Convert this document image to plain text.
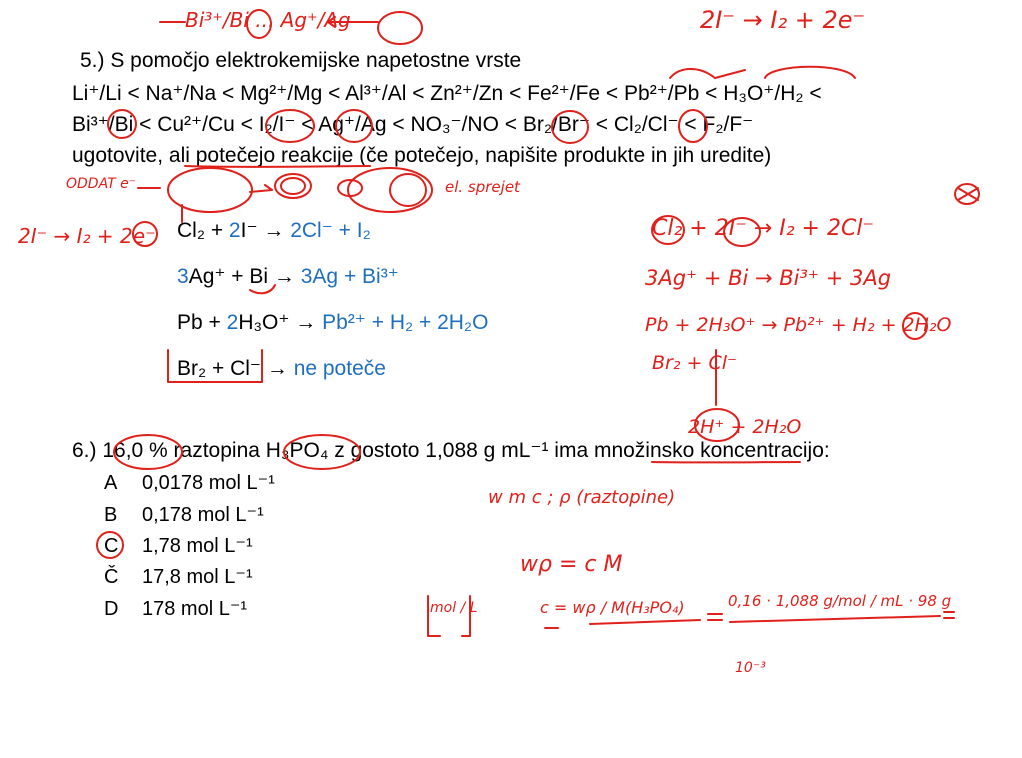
5.) S pomočjo elektrokemijske napetostne vrste
Li⁺/Li < Na⁺/Na < Mg²⁺/Mg < Al³⁺/Al < Zn²⁺/Zn < Fe²⁺/Fe < Pb²⁺/Pb < H₃O⁺/H₂ <
Bi³⁺/Bi < Cu²⁺/Cu < I₂/I⁻ < Ag⁺/Ag < NO₃⁻/NO < Br₂/Br⁻ < Cl₂/Cl⁻ < F₂/F⁻
ugotovite, ali potečejo reakcije (če potečejo, napišite produkte in jih uredite)
Cl₂ + 2I⁻ → 2Cl⁻ + I₂
3Ag⁺ + Bi → 3Ag + Bi³⁺
Pb + 2H₃O⁺ → Pb²⁺ + H₂ + 2H₂O
Br₂ + Cl⁻ → ne poteče
6.) 16,0 % raztopina H₃PO₄ z gostoto 1,088 g mL⁻¹ ima množinsko koncentracijo:
A 0,0178 mol L⁻¹
B 0,178 mol L⁻¹
C 1,78 mol L⁻¹
Č 17,8 mol L⁻¹
D 178 mol L⁻¹
Bi³⁺/Bi ... Ag⁺/Ag	2I⁻ → I₂ + 2e⁻
ODDAT e⁻	el. sprejet
2I⁻ → I₂ + 2e⁻	Cl₂ + 2I⁻ → I₂ + 2Cl⁻
3Ag⁺ + Bi → Bi³⁺ + 3Ag
Pb + 2H₃O⁺ → Pb²⁺ + H₂ + 2H₂O
Br₂ + Cl⁻
2H⁺ + 2H₂O
w m c ; ρ (raztopine)
wρ = c M
mol / L	c = wρ / M(H₃PO₄)	0,16 · 1,088 g/mol / mL · 98 g
10⁻³
